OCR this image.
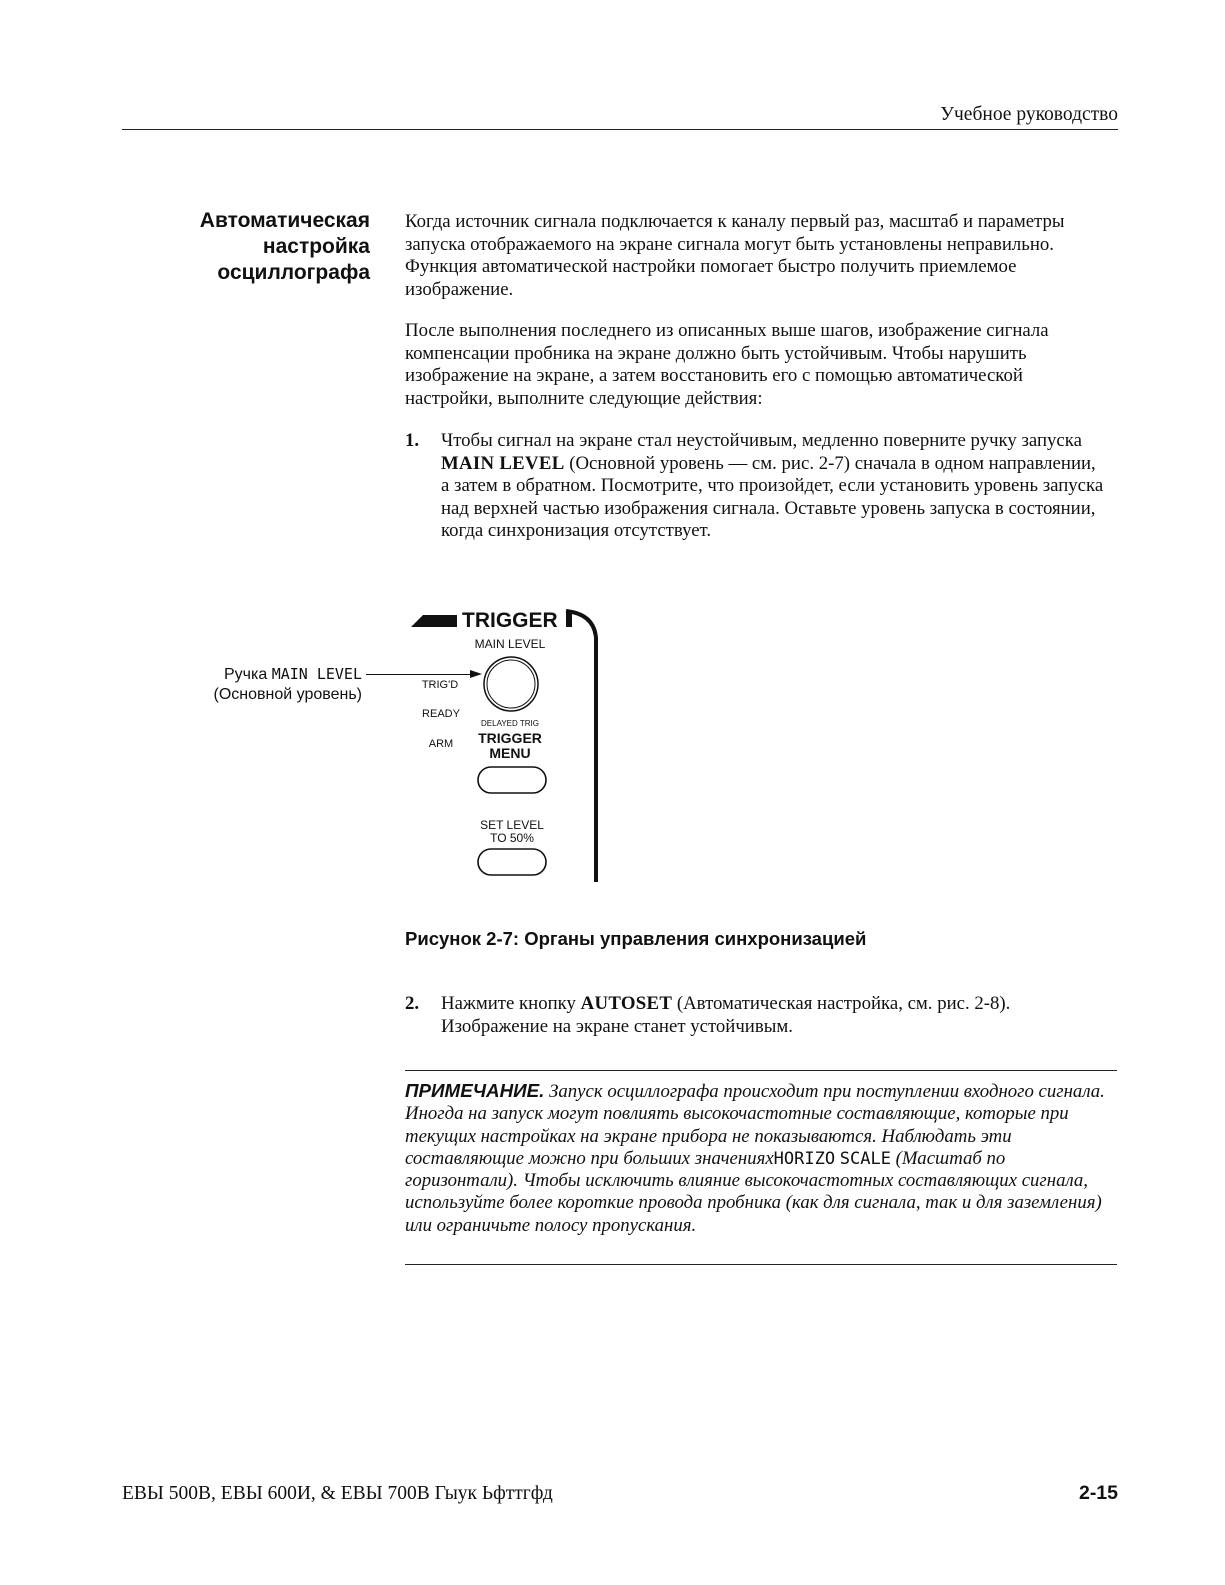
Учебное руководство
Автоматическая настройка осциллографа
Когда источник сигнала подключается к каналу первый раз, масштаб и параметры запуска отображаемого на экране сигнала могут быть установлены неправильно. Функция автоматической настройки помогает быстро получить приемлемое изображение.
После выполнения последнего из описанных выше шагов, изображение сигнала компенсации пробника на экране должно быть устойчивым. Чтобы нарушить изображение на экране, а затем восстановить его с помощью автоматической настройки, выполните следующие действия:
1. Чтобы сигнал на экране стал неустойчивым, медленно поверните ручку запуска MAIN LEVEL (Основной уровень — см. рис. 2-7) сначала в одном направлении, а затем в обратном. Посмотрите, что произойдет, если установить уровень запуска над верхней частью изображения сигнала. Оставьте уровень запуска в состоянии, когда синхронизация отсутствует.
Ручка MAIN LEVEL
(Основной уровень)
TRIGGER
MAIN LEVEL
TRIG'D
READY
ARM
DELAYED TRIG
TRIGGER
MENU
SET LEVEL
TO 50%
Рисунок 2-7: Органы управления синхронизацией
2. Нажмите кнопку AUTOSET (Автоматическая настройка, см. рис. 2-8). Изображение на экране станет устойчивым.
ПРИМЕЧАНИЕ. Запуск осциллографа происходит при поступлении входного сигнала. Иногда на запуск могут повлиять высокочастотные составляющие, которые при текущих настройках на экране прибора не показываются. Наблюдать эти составляющие можно при больших значенияхHORIZO SCALE (Масштаб по горизонтали). Чтобы исключить влияние высокочастотных составляющих сигнала, используйте более короткие провода пробника (как для сигнала, так и для заземления) или ограничьте полосу пропускания.
ЕВЫ 500В, ЕВЫ 600И, & ЕВЫ 700В Гыук Ьфттгфд	2-15
